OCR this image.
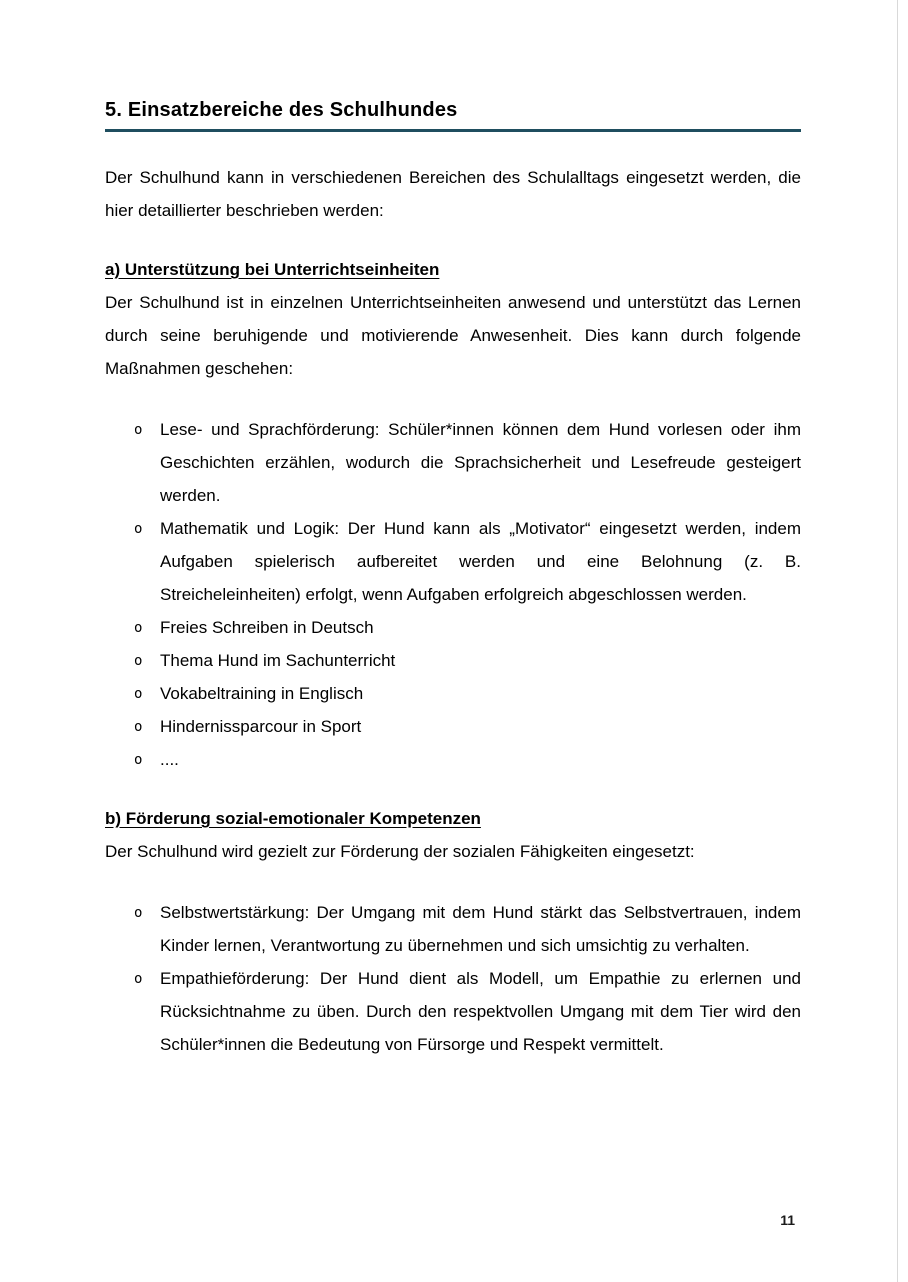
5. Einsatzbereiche des Schulhundes

Der Schulhund kann in verschiedenen Bereichen des Schulalltags eingesetzt werden, die hier detaillierter beschrieben werden:

a) Unterstützung bei Unterrichtseinheiten

Der Schulhund ist in einzelnen Unterrichtseinheiten anwesend und unterstützt das Lernen durch seine beruhigende und motivierende Anwesenheit. Dies kann durch folgende Maßnahmen geschehen:

o Lese- und Sprachförderung: Schüler*innen können dem Hund vorlesen oder ihm Geschichten erzählen, wodurch die Sprachsicherheit und Lesefreude gesteigert werden.
o Mathematik und Logik: Der Hund kann als „Motivator“ eingesetzt werden, indem Aufgaben spielerisch aufbereitet werden und eine Belohnung (z. B. Streicheleinheiten) erfolgt, wenn Aufgaben erfolgreich abgeschlossen werden.
o Freies Schreiben in Deutsch
o Thema Hund im Sachunterricht
o Vokabeltraining in Englisch
o Hindernissparcour in Sport
o ....
b) Förderung sozial-emotionaler Kompetenzen

Der Schulhund wird gezielt zur Förderung der sozialen Fähigkeiten eingesetzt:

o Selbstwertstärkung: Der Umgang mit dem Hund stärkt das Selbstvertrauen, indem Kinder lernen, Verantwortung zu übernehmen und sich umsichtig zu verhalten.
o Empathieförderung: Der Hund dient als Modell, um Empathie zu erlernen und Rücksichtnahme zu üben. Durch den respektvollen Umgang mit dem Tier wird den Schüler*innen die Bedeutung von Fürsorge und Respekt vermittelt.
11
